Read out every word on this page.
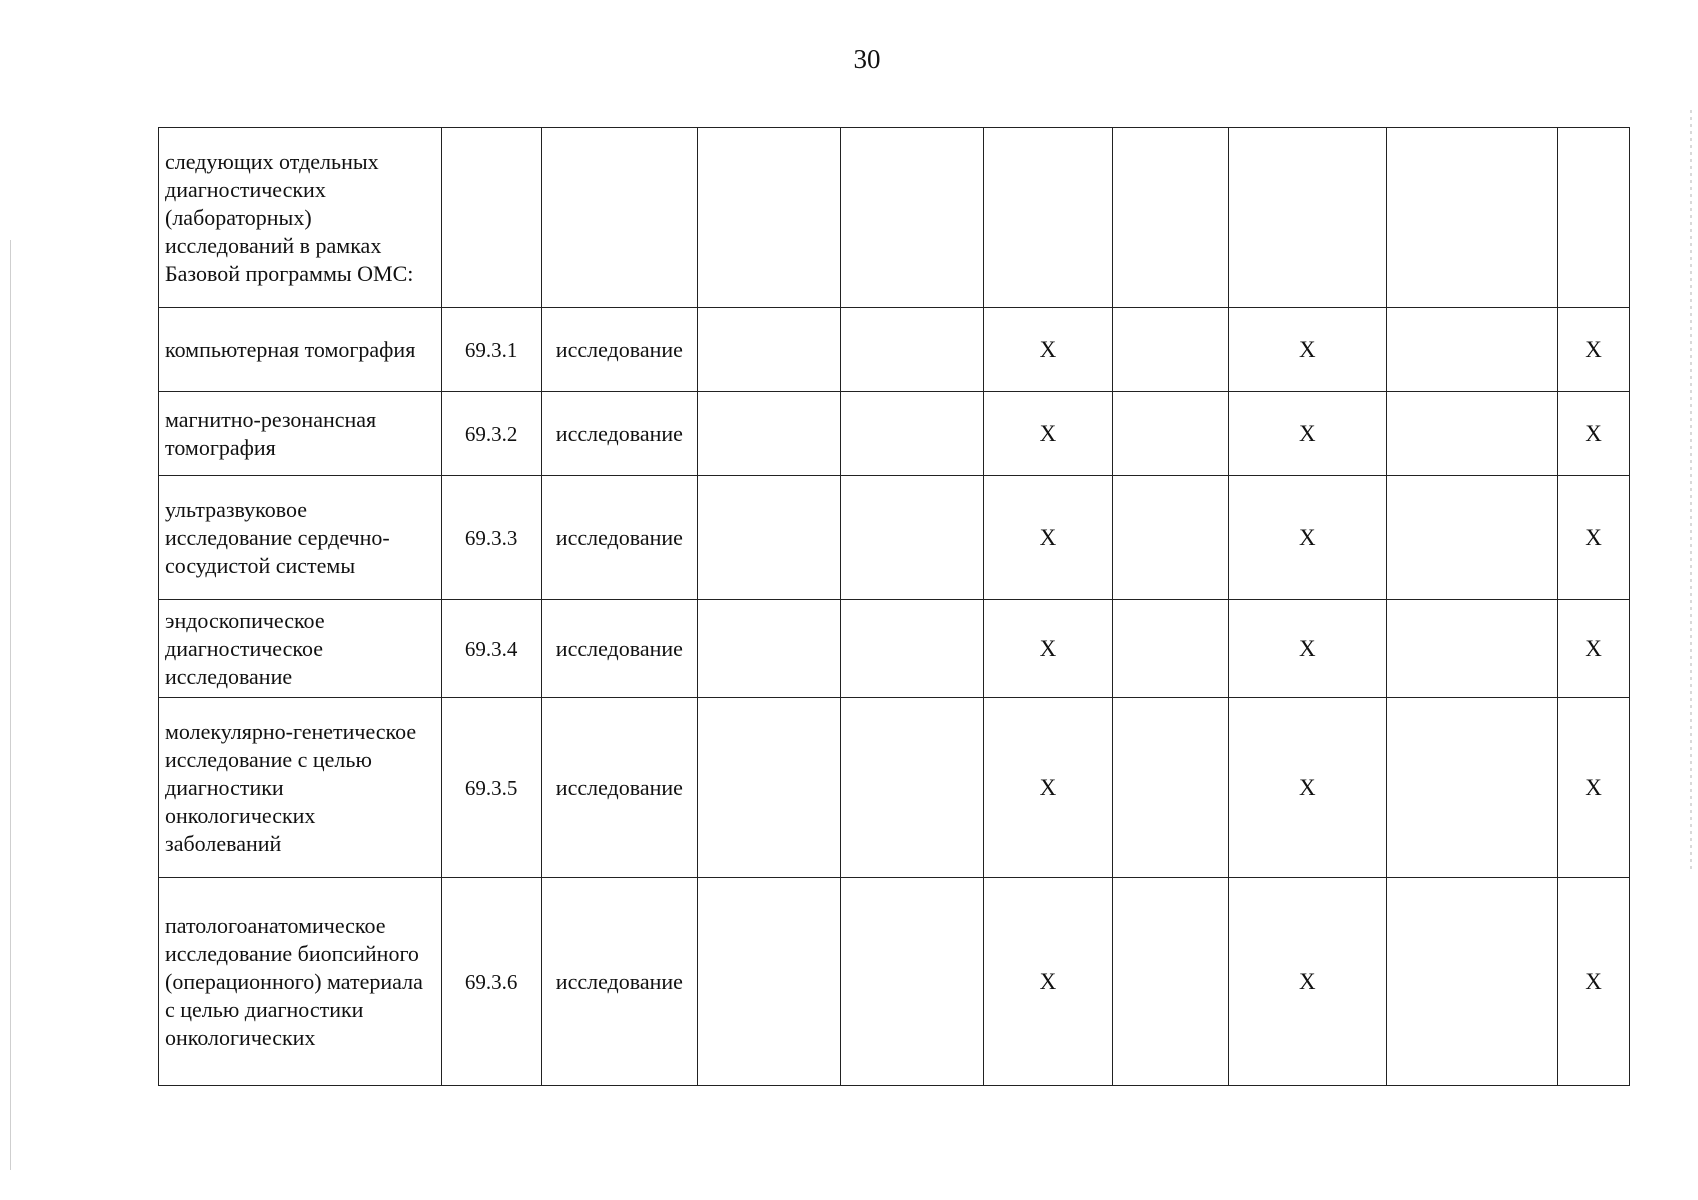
30
следующих отдельных диагностических (лабораторных) исследований в рамках Базовой программы ОМС:									
компьютерная томография	69.3.1	исследование			X		X		X
магнитно-резонансная томография	69.3.2	исследование			X		X		X
ультразвуковое исследование сердечно-сосудистой системы	69.3.3	исследование			X		X		X
эндоскопическое диагностическое исследование	69.3.4	исследование			X		X		X
молекулярно-генетическое исследование с целью диагностики онкологических заболеваний	69.3.5	исследование			X		X		X
патологоанатомическое исследование биопсийного (операционного) материала с целью диагностики онкологических	69.3.6	исследование			X		X		X
